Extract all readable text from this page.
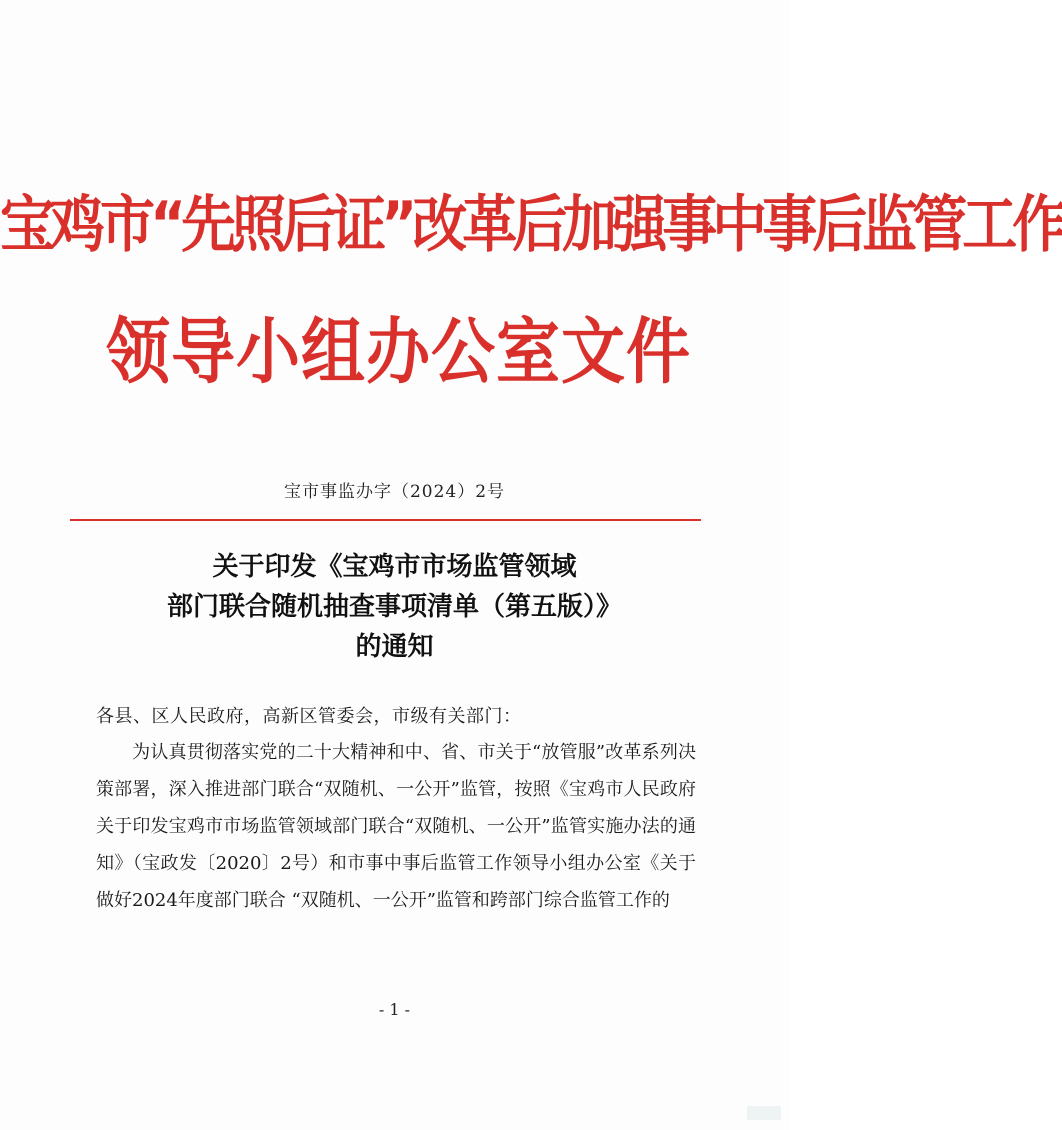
宝鸡市“先照后证”改革后加强事中事后监管工作
领导小组办公室文件
宝市事监办字（2024）2号
关于印发《宝鸡市市场监管领域
部门联合随机抽查事项清单（第五版）》
的通知
各县、区人民政府，高新区管委会，市级有关部门：
为认真贯彻落实党的二十大精神和中、省、市关于“放管服”改革系列决策部署，深入推进部门联合“双随机、一公开”监管，按照《宝鸡市人民政府关于印发宝鸡市市场监管领域部门联合“双随机、一公开”监管实施办法的通知》（宝政发〔2020〕2号）和市事中事后监管工作领导小组办公室《关于做好2024年度部门联合 “双随机、一公开”监管和跨部门综合监管工作的
- 1 -
